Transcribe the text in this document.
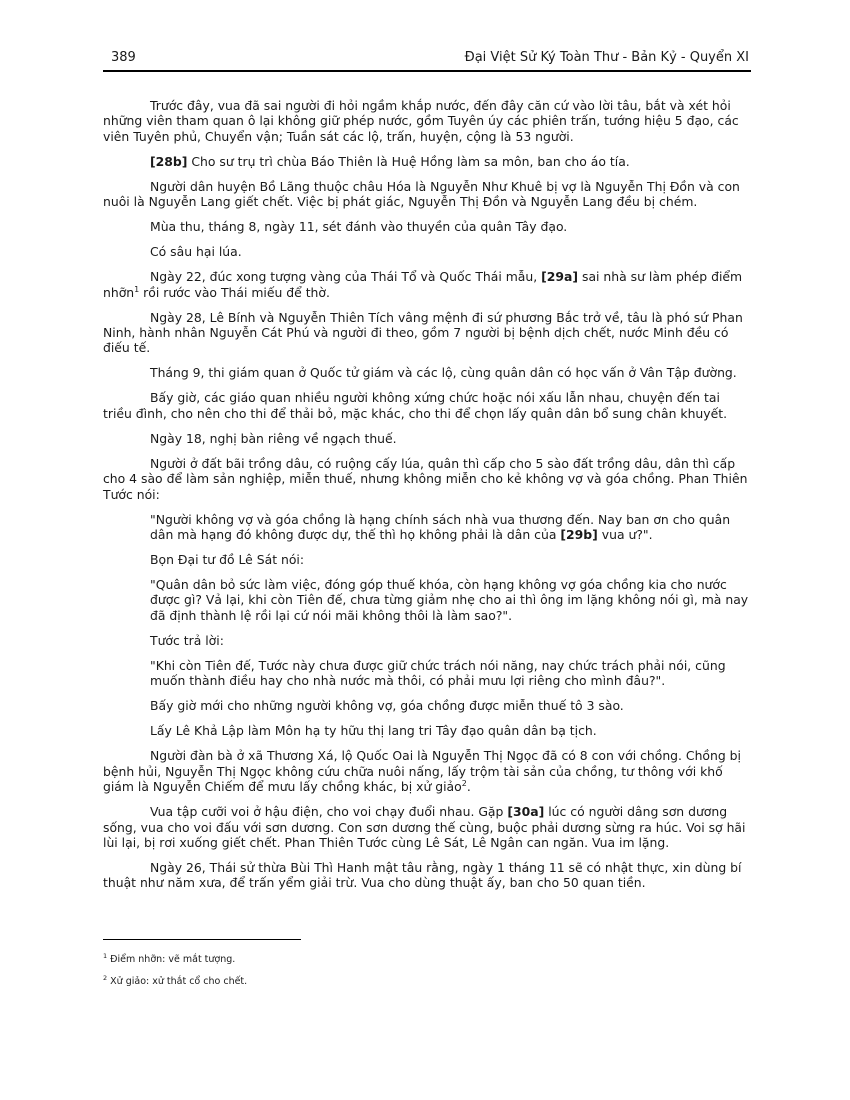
389	Đại Việt Sử Ký Toàn Thư - Bản Kỷ - Quyển XI

Trước đây, vua đã sai người đi hỏi ngầm khắp nước, đến đây căn cứ vào lời tâu, bắt và xét hỏi những viên tham quan ô lại không giữ phép nước, gồm Tuyên úy các phiên trấn, tướng hiệu 5 đạo, các viên Tuyên phủ, Chuyển vận; Tuần sát các lộ, trấn, huyện, cộng là 53 người.

[28b] Cho sư trụ trì chùa Báo Thiên là Huệ Hồng làm sa môn, ban cho áo tía.

Người dân huyện Bồ Lãng thuộc châu Hóa là Nguyễn Như Khuê bị vợ là Nguyễn Thị Đồn và con nuôi là Nguyễn Lang giết chết. Việc bị phát giác, Nguyễn Thị Đồn và Nguyễn Lang đều bị chém.

Mùa thu, tháng 8, ngày 11, sét đánh vào thuyền của quân Tây đạo.

Có sâu hại lúa.

Ngày 22, đúc xong tượng vàng của Thái Tổ và Quốc Thái mẫu, [29a] sai nhà sư làm phép điểm nhỡn$^1$ rồi rước vào Thái miếu để thờ.

Ngày 28, Lê Bính và Nguyễn Thiên Tích vâng mệnh đi sứ phương Bắc trở về, tâu là phó sứ Phan Ninh, hành nhân Nguyễn Cát Phú và người đi theo, gồm 7 người bị bệnh dịch chết, nước Minh đều có điếu tế.

Tháng 9, thi giám quan ở Quốc tử giám và các lộ, cùng quân dân có học vấn ở Vân Tập đường.

Bấy giờ, các giáo quan nhiều người không xứng chức hoặc nói xấu lẫn nhau, chuyện đến tai triều đình, cho nên cho thi để thải bỏ, mặc khác, cho thi để chọn lấy quân dân bổ sung chân khuyết.

Ngày 18, nghị bàn riêng về ngạch thuế.

Người ở đất bãi trồng dâu, có ruộng cấy lúa, quân thì cấp cho 5 sào đất trồng dâu, dân thì cấp cho 4 sào để làm sản nghiệp, miễn thuế, nhưng không miễn cho kẻ không vợ và góa chồng. Phan Thiên Tước nói:

"Người không vợ và góa chồng là hạng chính sách nhà vua thương đến. Nay ban ơn cho quân dân mà hạng đó không được dự, thế thì họ không phải là dân của [29b] vua ư?".

Bọn Đại tư đồ Lê Sát nói:

"Quân dân bỏ sức làm việc, đóng góp thuế khóa, còn hạng không vợ góa chồng kia cho nước được gì? Vả lại, khi còn Tiên đế, chưa từng giảm nhẹ cho ai thì ông im lặng không nói gì, mà nay đã định thành lệ rồi lại cứ nói mãi không thôi là làm sao?".

Tước trả lời:

"Khi còn Tiên đế, Tước này chưa được giữ chức trách nói năng, nay chức trách phải nói, cũng muốn thành điều hay cho nhà nước mà thôi, có phải mưu lợi riêng cho mình đâu?".

Bấy giờ mới cho những người không vợ, góa chồng được miễn thuế tô 3 sào.

Lấy Lê Khả Lập làm Môn hạ ty hữu thị lang tri Tây đạo quân dân bạ tịch.

Người đàn bà ở xã Thương Xá, lộ Quốc Oai là Nguyễn Thị Ngọc đã có 8 con với chồng. Chồng bị bệnh hủi, Nguyễn Thị Ngọc không cứu chữa nuôi nấng, lấy trộm tài sản của chồng, tư thông với khố giám là Nguyễn Chiếm để mưu lấy chồng khác, bị xử giảo$^2$.

Vua tập cưỡi voi ở hậu điện, cho voi chạy đuổi nhau. Gặp [30a] lúc có người dâng sơn dương sống, vua cho voi đấu với sơn dương. Con sơn dương thế cùng, buộc phải dương sừng ra húc. Voi sợ hãi lùi lại, bị rơi xuống giết chết. Phan Thiên Tước cùng Lê Sát, Lê Ngân can ngăn. Vua im lặng.

Ngày 26, Thái sử thừa Bùi Thì Hanh mật tâu rằng, ngày 1 tháng 11 sẽ có nhật thực, xin dùng bí thuật như năm xưa, để trấn yểm giải trừ. Vua cho dùng thuật ấy, ban cho 50 quan tiền.

$^1$ Điểm nhỡn: vẽ mắt tượng.

$^2$ Xử giảo: xử thắt cổ cho chết.
